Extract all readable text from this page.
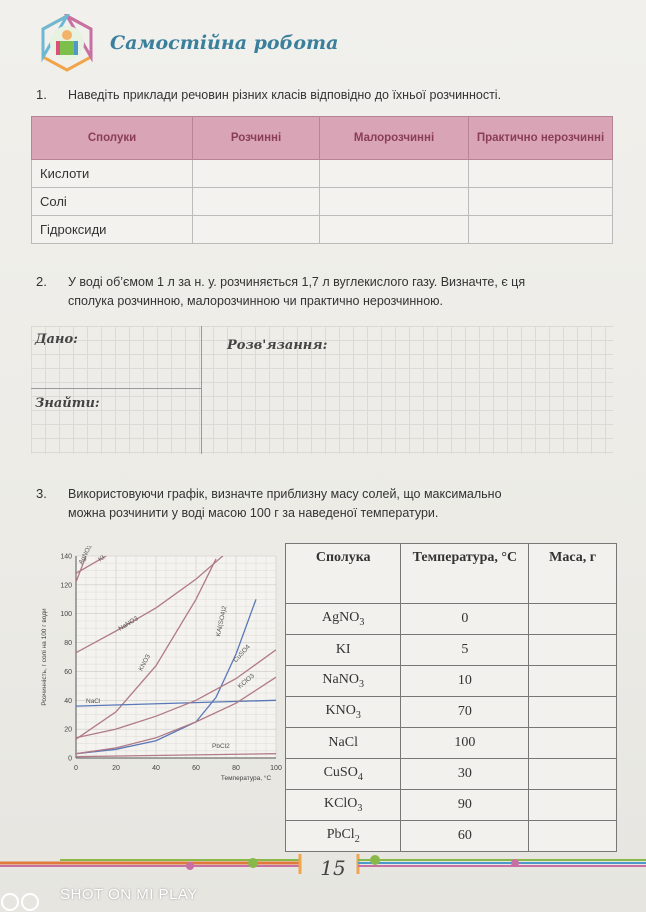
Самостійна робота
1. Наведіть приклади речовин різних класів відповідно до їхньої розчинності.
Сполуки	Розчинні	Малорозчинні	Практично нерозчинні
Кислоти			
Солі			
Гідроксиди			
2. У воді об’ємом 1 л за н. у. розчиняється 1,7 л вуглекислого газу. Визначте, є ця
сполука розчинною, малорозчинною чи практично нерозчинною.
Дано:
Знайти:
Розв'язання:
3. Використовуючи графік, визначте приблизну масу солей, що максимально
можна розчинити у воді масою 100 г за наведеної температури.
0	20	40	60	80	100
0
20
40
60
80
100
120
140
Температура, °С
Розчинність, г солі на 100 г води
AgNO3 KI
NaNO3
KNO3
NaCl
KAl(SO4)2
CuSO4
KClO3
PbCl2
Сполука	Температура, °С	Маса, г
AgNO$_3$	0	
KI	5	
NaNO$_3$	10	
$KNO_3$	70	
NaCl	100	
CuSO$_4$	30	
KClO$_3$	90	
PbCl$_2$	60	
15
SHOT ON MI PLAY
